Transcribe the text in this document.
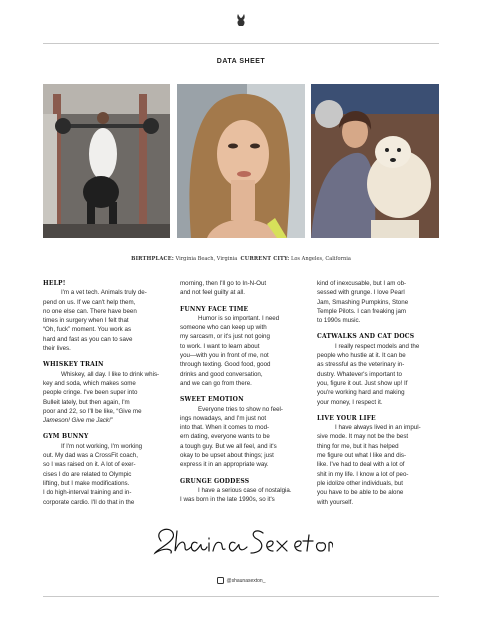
DATA SHEET
BIRTHPLACE: Virginia Beach, Virginia CURRENT CITY: Los Angeles, California
HELP!

I'm a vet tech. Animals truly de-

pend on us. If we can't help them,

no one else can. There have been

times in surgery when I felt that

“Oh, fuck” moment. You work as

hard and fast as you can to save

their lives.

WHISKEY TRAIN

Whiskey, all day. I like to drink whis-

key and soda, which makes some

people cringe. I've been super into

Bulleit lately, but then again, I'm

poor and 22, so I'll be like, “Give me

Jameson! Give me Jack!”

GYM BUNNY

If I'm not working, I'm working

out. My dad was a CrossFit coach,

so I was raised on it. A lot of exer-

cises I do are related to Olympic

lifting, but I make modifications.

I do high-interval training and in-

corporate cardio. I'll do that in the

morning, then I'll go to In-N-Out

and not feel guilty at all.

FUNNY FACE TIME

Humor is so important. I need

someone who can keep up with

my sarcasm, or it's just not going

to work. I want to learn about

you—with you in front of me, not

through texting. Good food, good

drinks and good conversation,

and we can go from there.

SWEET EMOTION

Everyone tries to show no feel-

ings nowadays, and I'm just not

into that. When it comes to mod-

ern dating, everyone wants to be

a tough guy. But we all feel, and it's

okay to be upset about things; just

express it in an appropriate way.

GRUNGE GODDESS

I have a serious case of nostalgia.

I was born in the late 1990s, so it's

kind of inexcusable, but I am ob-

sessed with grunge. I love Pearl

Jam, Smashing Pumpkins, Stone

Temple Pilots. I can freaking jam

to 1990s music.

CATWALKS AND CAT DOCS

I really respect models and the

people who hustle at it. It can be

as stressful as the veterinary in-

dustry. Whatever's important to

you, figure it out. Just show up! If

you're working hard and making

your money, I respect it.

LIVE YOUR LIFE

I have always lived in an impul-

sive mode. It may not be the best

thing for me, but it has helped

me figure out what I like and dis-

like. I've had to deal with a lot of

shit in my life. I know a lot of peo-

ple idolize other individuals, but

you have to be able to be alone

with yourself.

@shaunasexton_
